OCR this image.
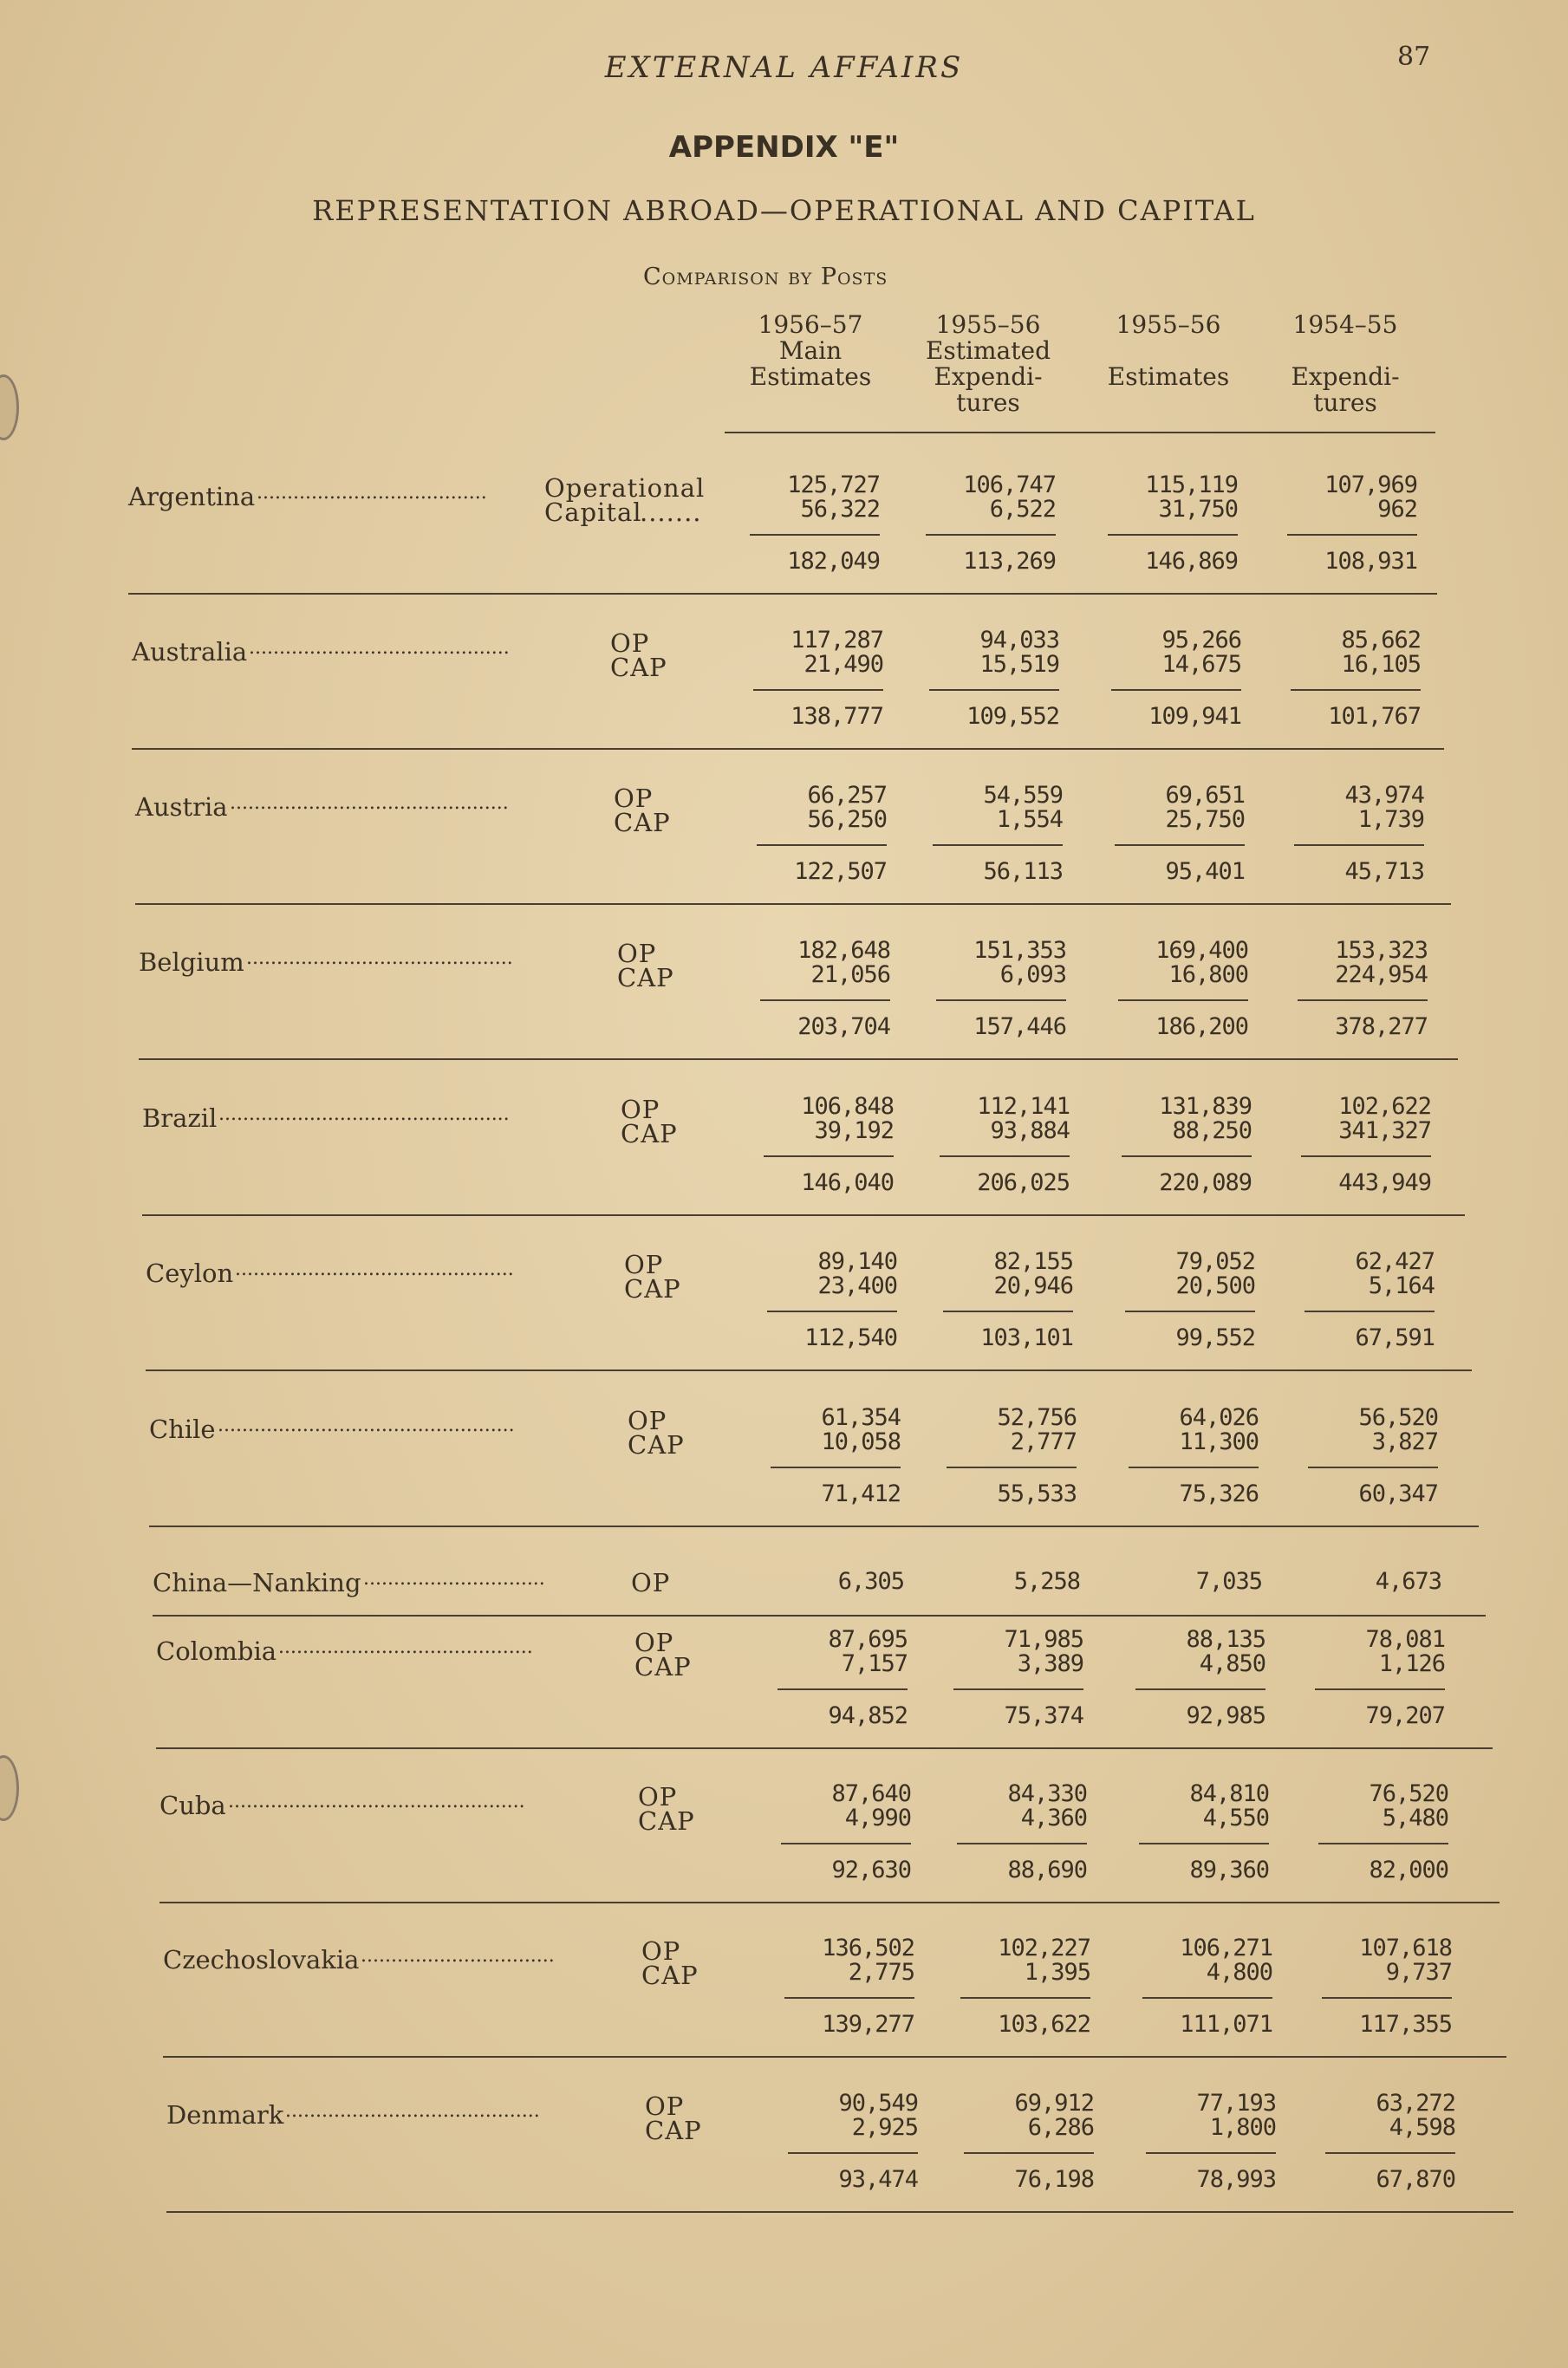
EXTERNAL AFFAIRS	87
APPENDIX "E"
REPRESENTATION ABROAD—OPERATIONAL AND CAPITAL
Comparison by Posts
1956–57
Main
Estimates

1955–56
Estimated
Expendi-
tures
1955–56

Estimates

1954–55

Expendi-
tures
Argentina ...................................... Operational
Capital
.......
125,727	106,747	115,119	107,969
56,322	6,522	31,750	962
182,049	113,269	146,869	108,931
Australia ...........................................	OP
CAP
117,287	94,033	95,266	85,662
21,490	15,519	14,675	16,105
138,777	109,552	109,941	101,767
Austria ..............................................	OP
CAP
66,257	54,559	69,651	43,974
56,250	1,554	25,750	1,739
122,507	56,113	95,401	45,713
Belgium ............................................	OP
CAP
182,648	151,353	169,400	153,323
21,056	6,093	16,800	224,954
203,704	157,446	186,200	378,277
Brazil ................................................	OP
CAP
106,848	112,141	131,839	102,622
39,192	93,884	88,250	341,327
146,040	206,025	220,089	443,949
Ceylon ..............................................	OP
CAP
89,140	82,155	79,052	62,427
23,400	20,946	20,500	5,164
112,540	103,101	99,552	67,591
Chile .................................................	OP
CAP
61,354	52,756	64,026	56,520
10,058	2,777	11,300	3,827
71,412	55,533	75,326	60,347
China—Nanking ..............................	OP	6,305	5,258	7,035	4,673
Colombia ..........................................	OP
CAP
87,695	71,985	88,135	78,081
7,157	3,389	4,850	1,126
94,852	75,374	92,985	79,207
Cuba .................................................	OP
CAP
87,640	84,330	84,810	76,520
4,990	4,360	4,550	5,480
92,630	88,690	89,360	82,000
Czechoslovakia ................................	OP
CAP
136,502	102,227	106,271	107,618
2,775	1,395	4,800	9,737
139,277	103,622	111,071	117,355
Denmark ..........................................	OP
CAP
90,549	69,912	77,193	63,272
2,925	6,286	1,800	4,598
93,474	76,198	78,993	67,870
